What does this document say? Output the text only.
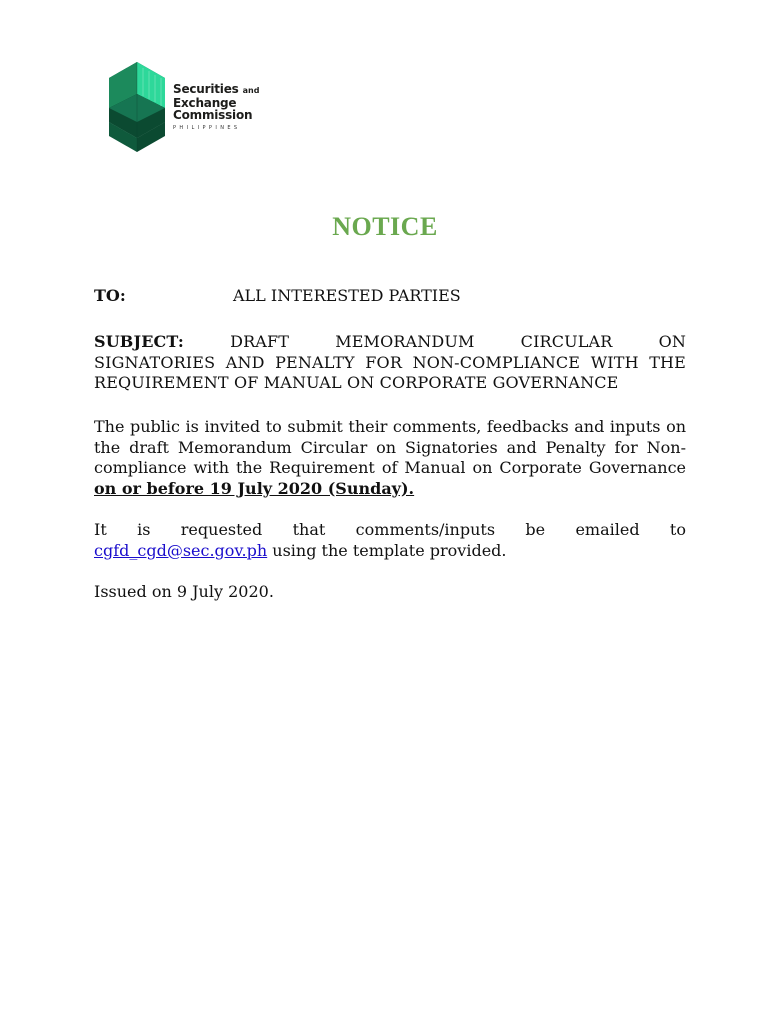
Securities and
Exchange
Commission
PHILIPPINES
NOTICE
TO:	ALL INTERESTED PARTIES
SUBJECT:	DRAFT	MEMORANDUM	CIRCULAR	ON
SIGNATORIES AND PENALTY FOR NON-COMPLIANCE WITH THE
REQUIREMENT OF MANUAL ON CORPORATE GOVERNANCE
The public is invited to submit their comments, feedbacks and inputs on the draft Memorandum Circular on Signatories and Penalty for Non-compliance with the Requirement of Manual on Corporate Governance on or before 19 July 2020 (Sunday).
It is requested that comments/inputs be emailed to cgfd_cgd@sec.gov.ph using the template provided.
Issued on 9 July 2020.
